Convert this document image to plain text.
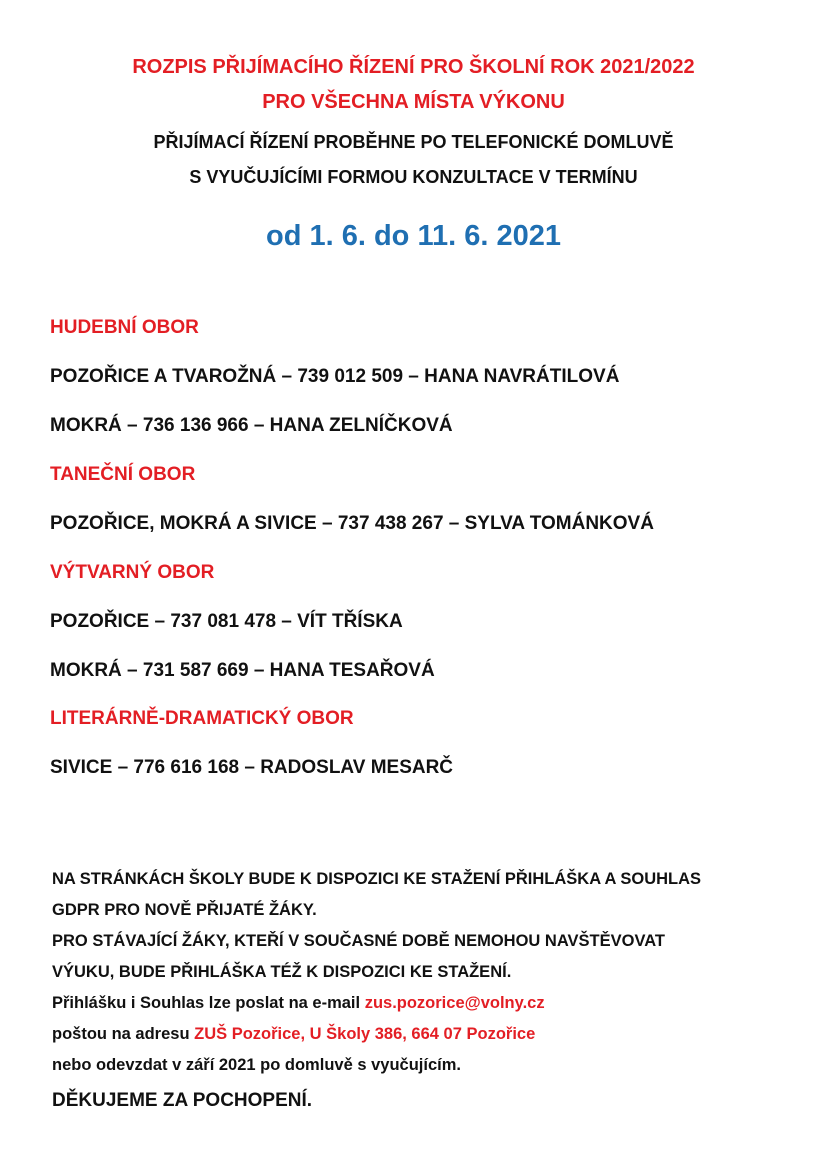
ROZPIS PŘIJÍMACÍHO ŘÍZENÍ PRO ŠKOLNÍ ROK 2021/2022
PRO VŠECHNA MÍSTA VÝKONU
PŘIJÍMACÍ ŘÍZENÍ PROBĚHNE PO TELEFONICKÉ DOMLUVĚ
S VYUČUJÍCÍMI FORMOU KONZULTACE V TERMÍNU
od 1. 6. do 11. 6. 2021
HUDEBNÍ OBOR
POZOŘICE A TVAROŽNÁ – 739 012 509 – HANA NAVRÁTILOVÁ
MOKRÁ – 736 136 966 – HANA ZELNÍČKOVÁ
TANEČNÍ OBOR
POZOŘICE, MOKRÁ A SIVICE – 737 438 267 – SYLVA TOMÁNKOVÁ
VÝTVARNÝ OBOR
POZOŘICE – 737 081 478 – VÍT TŘÍSKA
MOKRÁ – 731 587 669 – HANA TESAŘOVÁ
LITERÁRNĚ-DRAMATICKÝ OBOR
SIVICE – 776 616 168 – RADOSLAV MESARČ
NA STRÁNKÁCH ŠKOLY BUDE K DISPOZICI KE STAŽENÍ PŘIHLÁŠKA A SOUHLAS
GDPR PRO NOVĚ PŘIJATÉ ŽÁKY.
PRO STÁVAJÍCÍ ŽÁKY, KTEŘÍ V SOUČASNÉ DOBĚ NEMOHOU NAVŠTĚVOVAT
VÝUKU, BUDE PŘIHLÁŠKA TÉŽ K DISPOZICI KE STAŽENÍ.
Přihlášku i Souhlas lze poslat na e-mail zus.pozorice@volny.cz
poštou na adresu ZUŠ Pozořice, U Školy 386, 664 07 Pozořice
nebo odevzdat v září 2021 po domluvě s vyučujícím.
DĚKUJEME ZA POCHOPENÍ.
